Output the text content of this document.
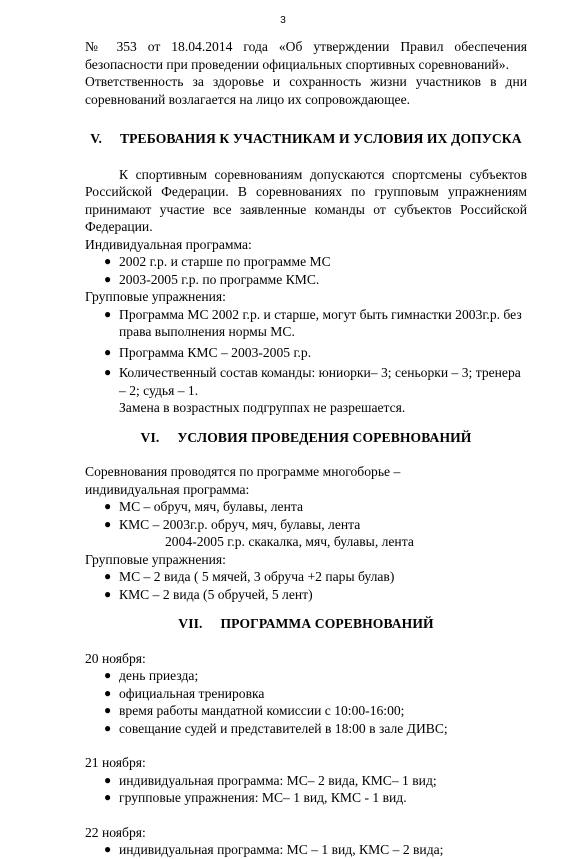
3

№ 353 от 18.04.2014 года «Об утверждении Правил обеспечения безопасности при проведении официальных спортивных соревнований».

Ответственность за здоровье и сохранность жизни участников в дни соревнований возлагается на лицо их сопровождающее.

V. ТРЕБОВАНИЯ К УЧАСТНИКАМ И УСЛОВИЯ ИХ ДОПУСКА

К спортивным соревнованиям допускаются спортсмены субъектов Российской Федерации. В соревнованиях по групповым упражнениям принимают участие все заявленные команды от субъектов Российской Федерации.

Индивидуальная программа:

● 2002 г.р. и старше по программе МС
● 2003-2005 г.р. по программе КМС.

Групповые упражнения:

● Программа МС 2002 г.р. и старше, могут быть гимнастки 2003г.р. без права выполнения нормы МС.
● Программа КМС – 2003-2005 г.р.
● Количественный состав команды: юниорки– 3; сеньорки – 3; тренера – 2; судья – 1.

Замена в возрастных подгруппах не разрешается.

VI. УСЛОВИЯ ПРОВЕДЕНИЯ СОРЕВНОВАНИЙ

Соревнования проводятся по программе многоборье –

индивидуальная программа:

● МС – обруч, мяч, булавы, лента
● КМС – 2003г.р. обруч, мяч, булавы, лента

2004-2005 г.р. скакалка, мяч, булавы, лента

Групповые упражнения:

● МС – 2 вида ( 5 мячей, 3 обруча +2 пары булав)
● КМС – 2 вида (5 обручей, 5 лент)

VII. ПРОГРАММА СОРЕВНОВАНИЙ

20 ноября:

● день приезда;
● официальная тренировка
● время работы мандатной комиссии с 10:00-16:00;
● совещание судей и представителей в 18:00 в зале ДИВС;

21 ноября:

● индивидуальная программа: МС– 2 вида, КМС– 1 вид;
● групповые упражнения: МС– 1 вид, КМС - 1 вид.

22 ноября:

● индивидуальная программа: МС – 1 вид, КМС – 2 вида;
